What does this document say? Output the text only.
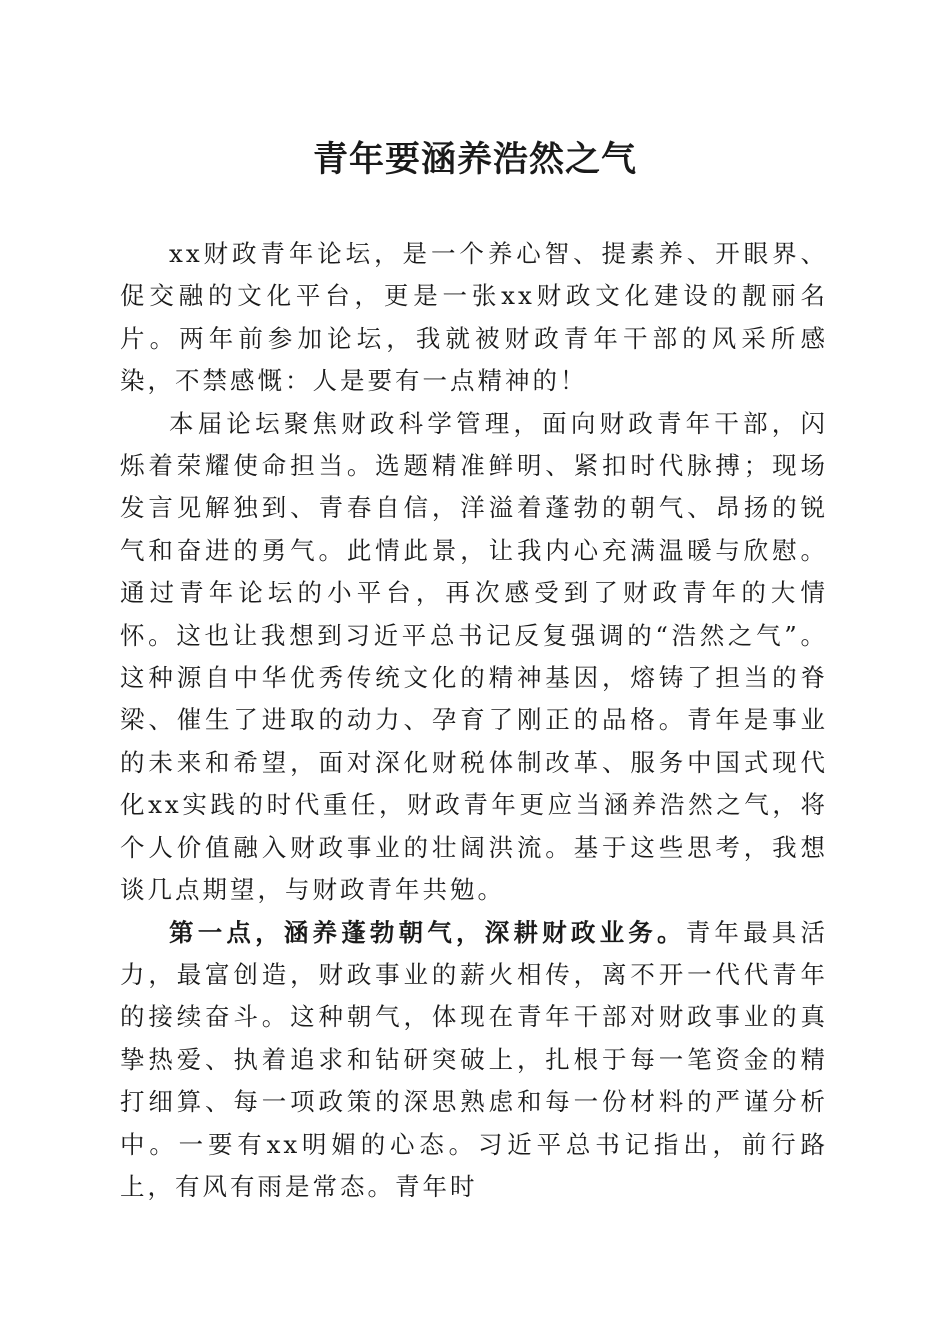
青年要涵养浩然之气

xx财政青年论坛，是一个养心智、提素养、开眼界、促交融的文化平台，更是一张xx财政文化建设的靓丽名片。两年前参加论坛，我就被财政青年干部的风采所感染，不禁感慨：人是要有一点精神的！

本届论坛聚焦财政科学管理，面向财政青年干部，闪烁着荣耀使命担当。选题精准鲜明、紧扣时代脉搏；现场发言见解独到、青春自信，洋溢着蓬勃的朝气、昂扬的锐气和奋进的勇气。此情此景，让我内心充满温暖与欣慰。通过青年论坛的小平台，再次感受到了财政青年的大情怀。这也让我想到习近平总书记反复强调的“浩然之气”。这种源自中华优秀传统文化的精神基因，熔铸了担当的脊梁、催生了进取的动力、孕育了刚正的品格。青年是事业的未来和希望，面对深化财税体制改革、服务中国式现代化xx实践的时代重任，财政青年更应当涵养浩然之气，将个人价值融入财政事业的壮阔洪流。基于这些思考，我想谈几点期望，与财政青年共勉。

第一点，涵养蓬勃朝气，深耕财政业务。青年最具活力，最富创造，财政事业的薪火相传，离不开一代代青年的接续奋斗。这种朝气，体现在青年干部对财政事业的真挚热爱、执着追求和钻研突破上，扎根于每一笔资金的精打细算、每一项政策的深思熟虑和每一份材料的严谨分析中。一要有xx明媚的心态。习近平总书记指出，前行路上，有风有雨是常态。青年时
